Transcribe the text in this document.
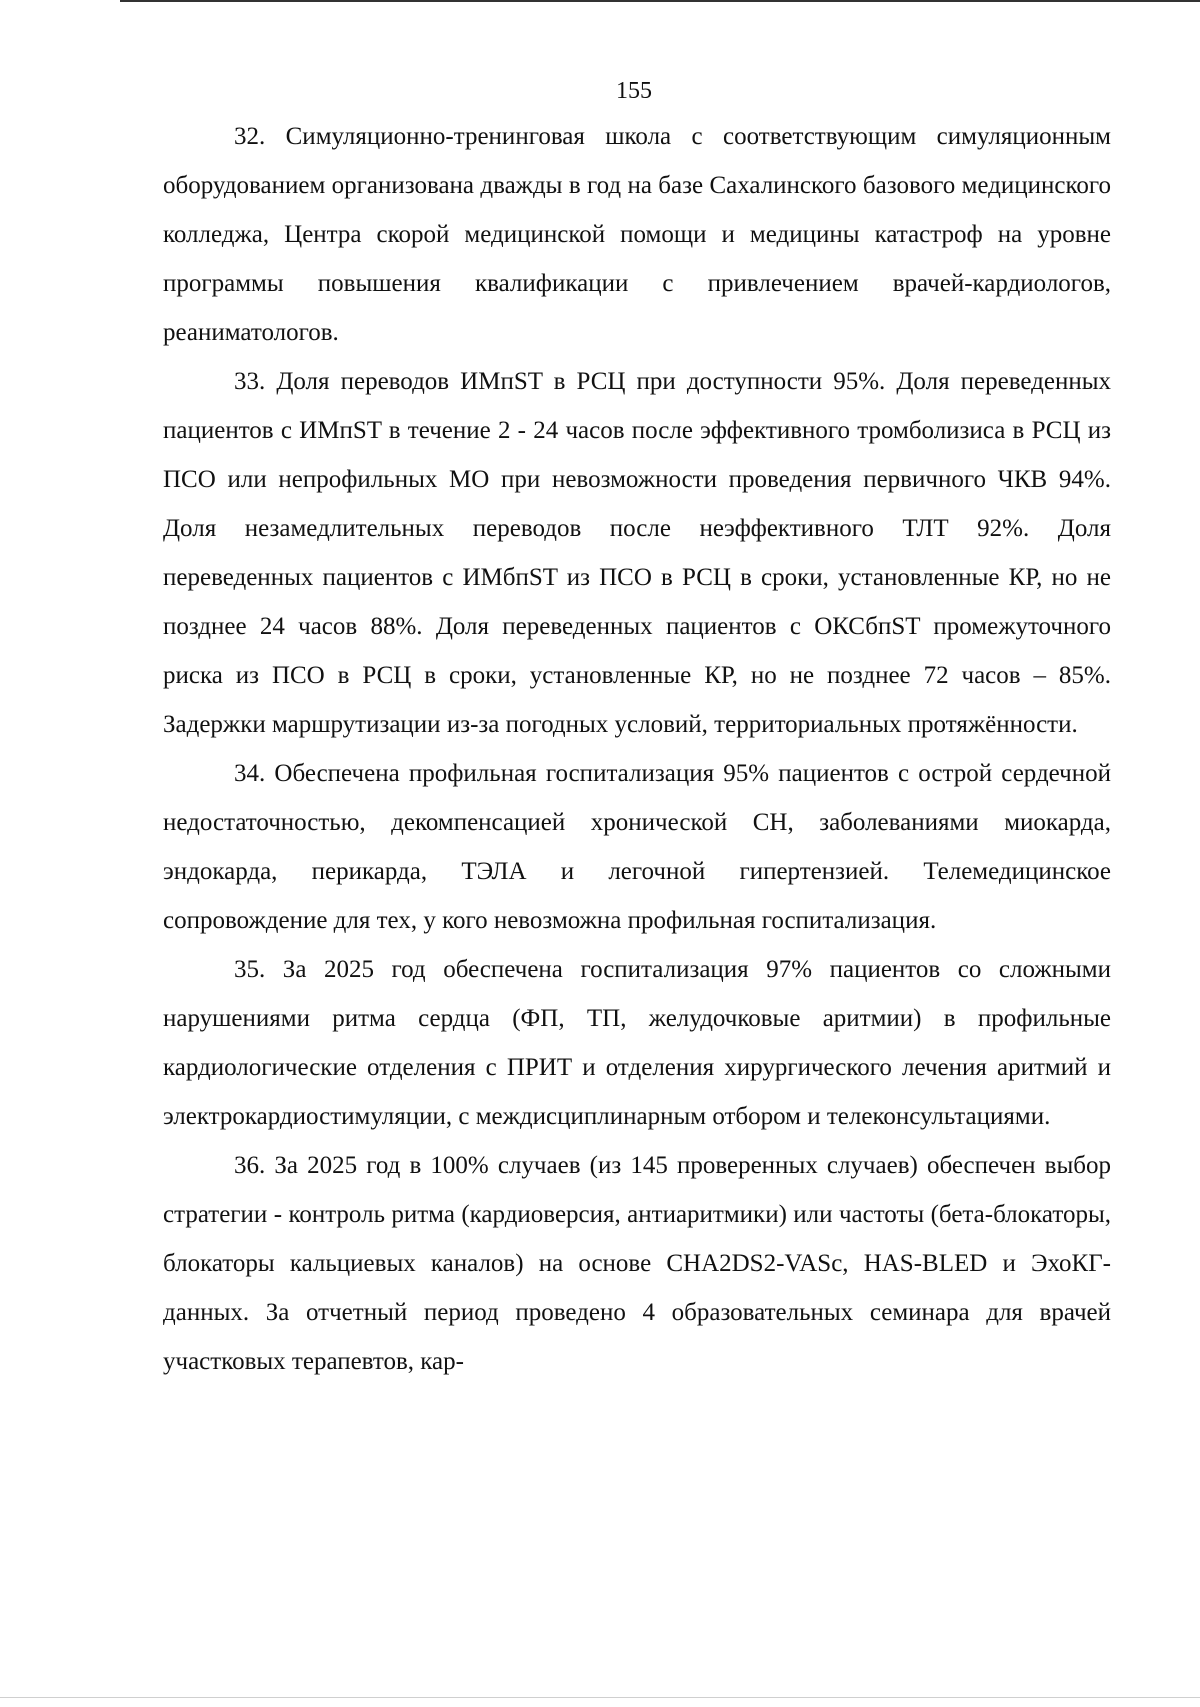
155

32. Симуляционно-тренинговая школа с соответствующим симуляционным оборудованием организована дважды в год на базе Сахалинского базового медицинского колледжа, Центра скорой медицинской помощи и медицины катастроф на уровне программы повышения квалификации с привлечением врачей-кардиологов, реаниматологов.

33. Доля переводов ИМпST в РСЦ при доступности 95%. Доля переведенных пациентов с ИМпST в течение 2 - 24 часов после эффективного тромболизиса в РСЦ из ПСО или непрофильных МО при невозможности проведения первичного ЧКВ 94%. Доля незамедлительных переводов после неэффективного ТЛТ 92%. Доля переведенных пациентов с ИМбпST из ПСО в РСЦ в сроки, установленные КР, но не позднее 24 часов 88%. Доля переведенных пациентов с ОКСбпST промежуточного риска из ПСО в РСЦ в сроки, установленные КР, но не позднее 72 часов – 85%. Задержки маршрутизации из-за погодных условий, территориальных протяжённости.

34. Обеспечена профильная госпитализация 95% пациентов с острой сердечной недостаточностью, декомпенсацией хронической СН, заболеваниями миокарда, эндокарда, перикарда, ТЭЛА и легочной гипертензией. Телемедицинское сопровождение для тех, у кого невозможна профильная госпитализация.

35. За 2025 год обеспечена госпитализация 97% пациентов со сложными нарушениями ритма сердца (ФП, ТП, желудочковые аритмии) в профильные кардиологические отделения с ПРИТ и отделения хирургического лечения аритмий и электрокардиостимуляции, с междисциплинарным отбором и телеконсультациями.

36. За 2025 год в 100% случаев (из 145 проверенных случаев) обеспечен выбор стратегии - контроль ритма (кардиоверсия, антиаритмики) или частоты (бета-блокаторы, блокаторы кальциевых каналов) на основе CHA2DS2-VASc, HAS-BLED и ЭхоКГ- данных. За отчетный период проведено 4 образовательных семинара для врачей участковых терапевтов, кар-
